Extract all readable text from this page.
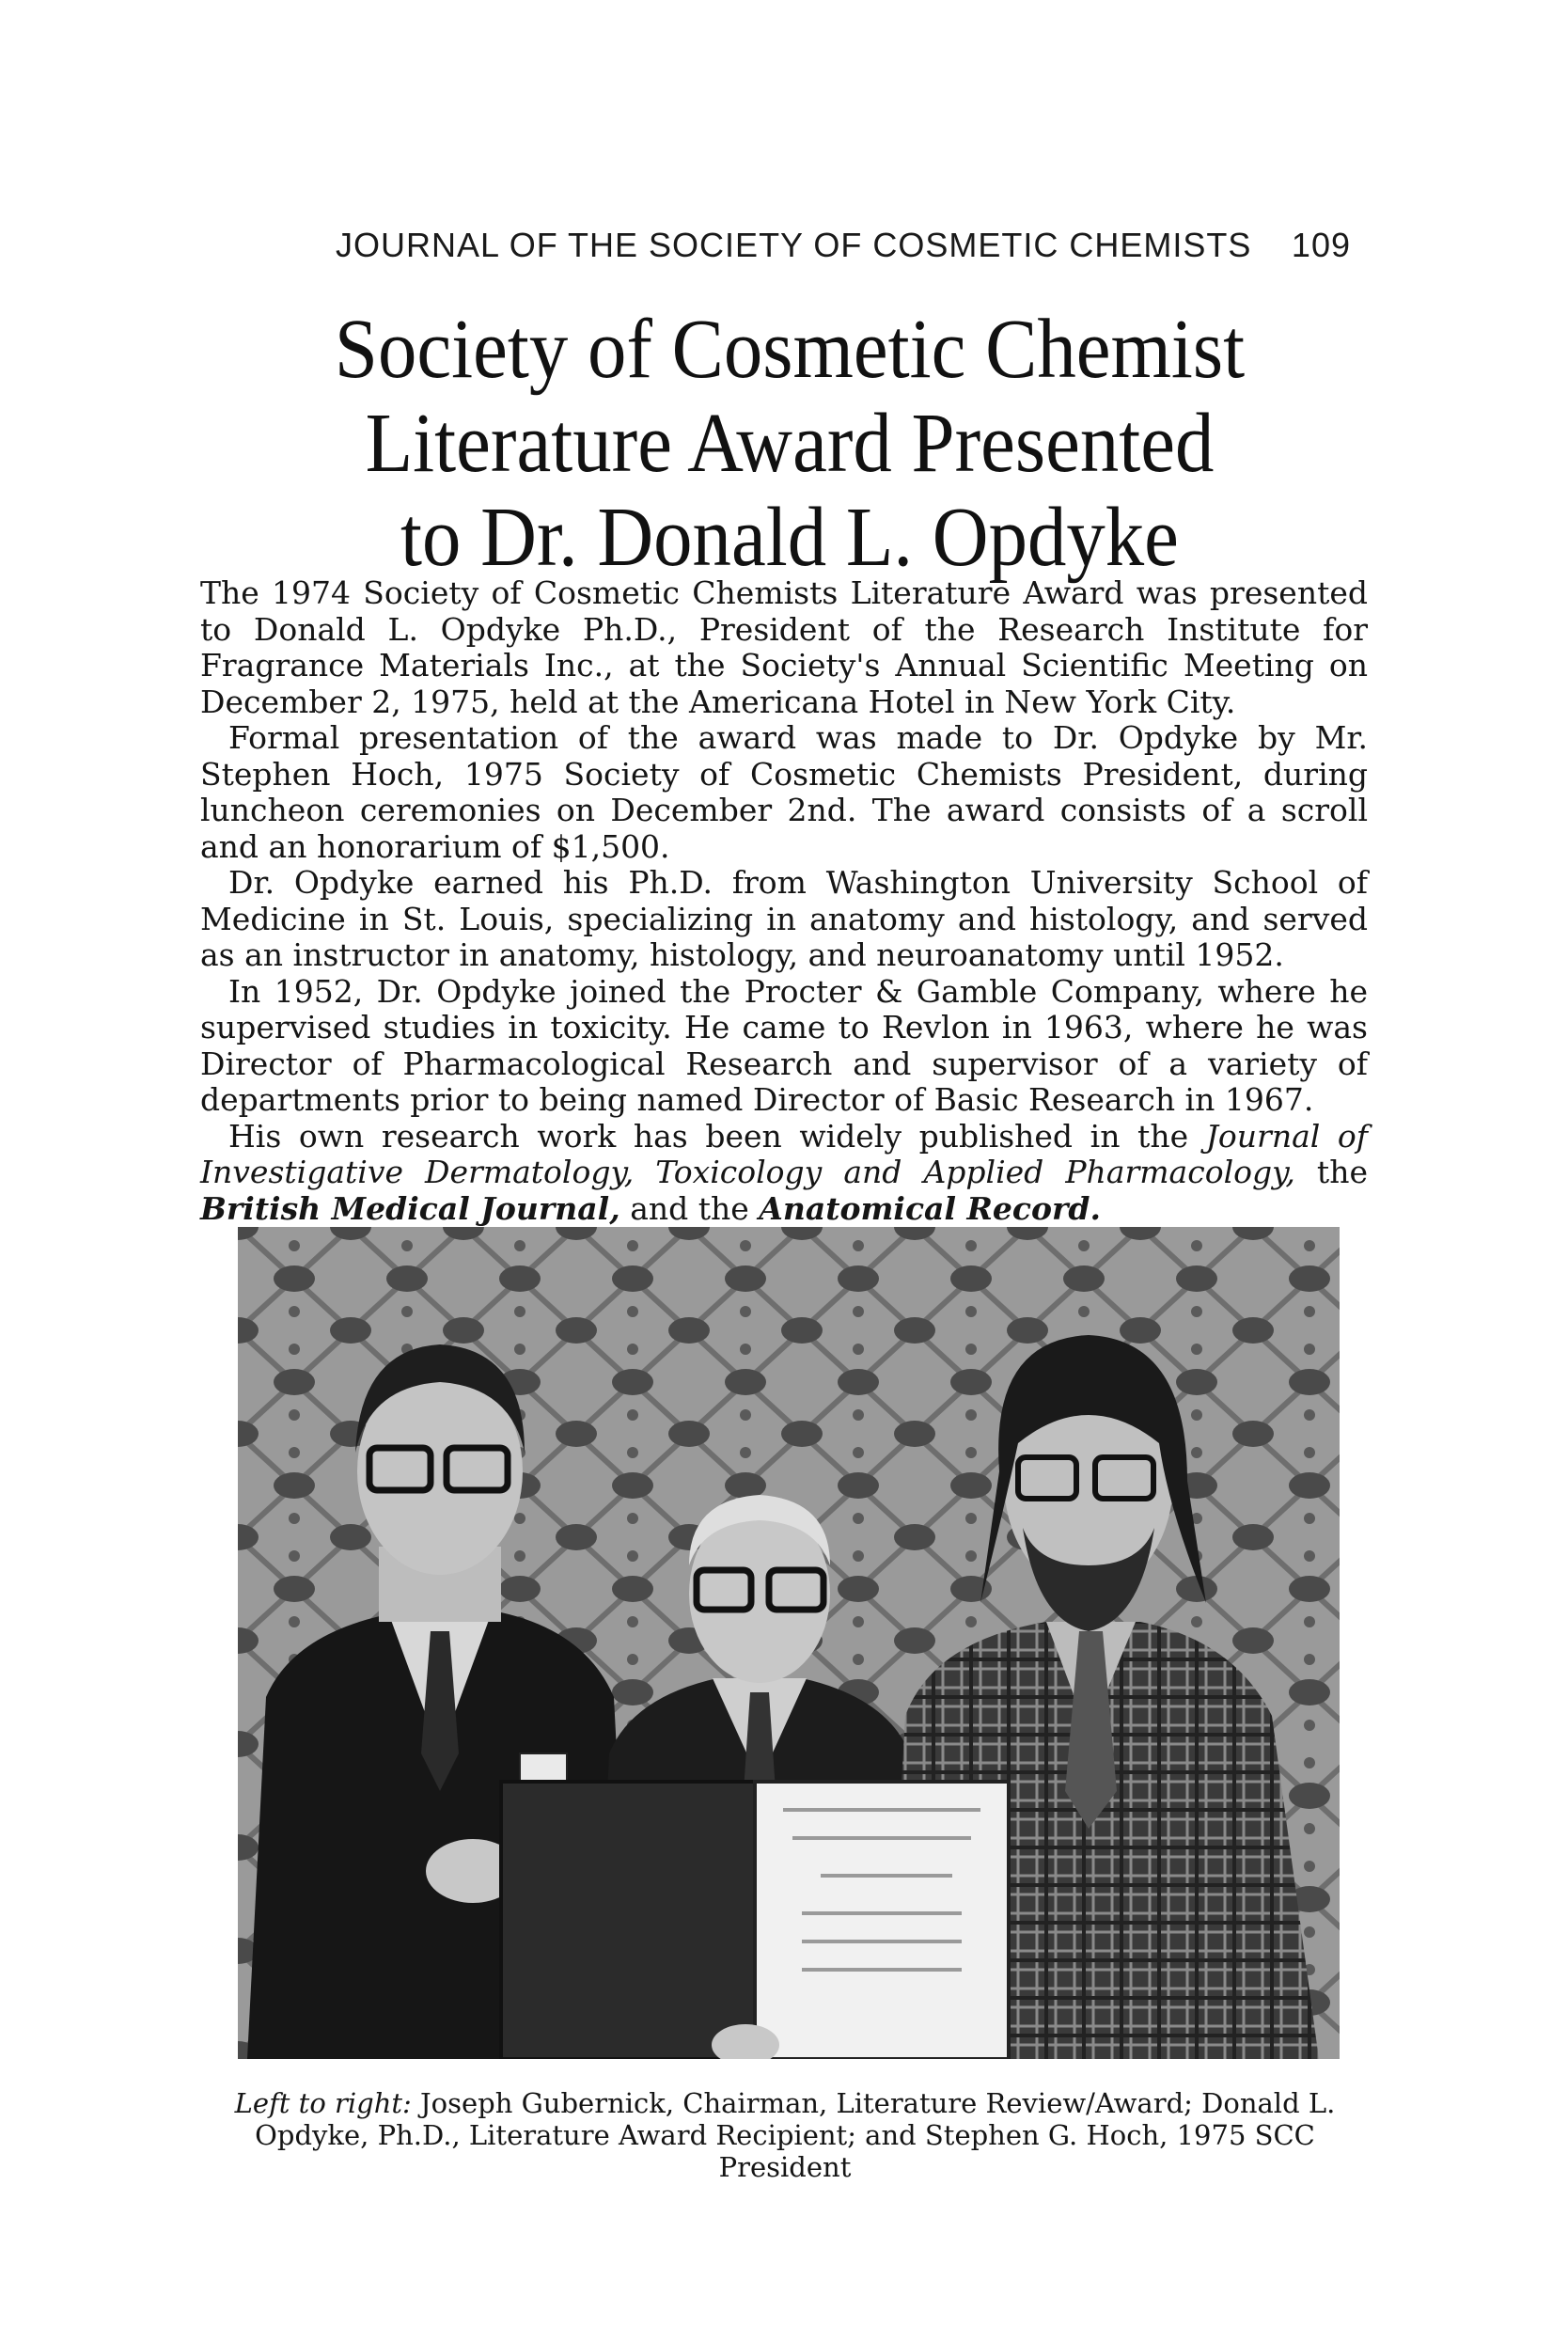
JOURNAL OF THE SOCIETY OF COSMETIC CHEMISTS 109
Society of Cosmetic Chemist
Literature Award Presented
to Dr. Donald L. Opdyke

The 1974 Society of Cosmetic Chemists Literature Award was presented to Donald L. Opdyke Ph.D., President of the Research Institute for Fragrance Materials Inc., at the Society's Annual Scientific Meeting on December 2, 1975, held at the Americana Hotel in New York City.

Formal presentation of the award was made to Dr. Opdyke by Mr. Stephen Hoch, 1975 Society of Cosmetic Chemists President, during luncheon ceremonies on December 2nd. The award consists of a scroll and an honorarium of $1,500.

Dr. Opdyke earned his Ph.D. from Washington University School of Medicine in St. Louis, specializing in anatomy and histology, and served as an instructor in anatomy, histology, and neuroanatomy until 1952.

In 1952, Dr. Opdyke joined the Procter & Gamble Company, where he supervised studies in toxicity. He came to Revlon in 1963, where he was Director of Pharmacological Research and supervisor of a variety of departments prior to being named Director of Basic Research in 1967.

His own research work has been widely published in the Journal of Investigative Dermatology, Toxicology and Applied Pharmacology, the British Medical Journal, and the Anatomical Record.

Left to right: Joseph Gubernick, Chairman, Literature Review/Award; Donald L. Opdyke, Ph.D., Literature Award Recipient; and Stephen G. Hoch, 1975 SCC President
